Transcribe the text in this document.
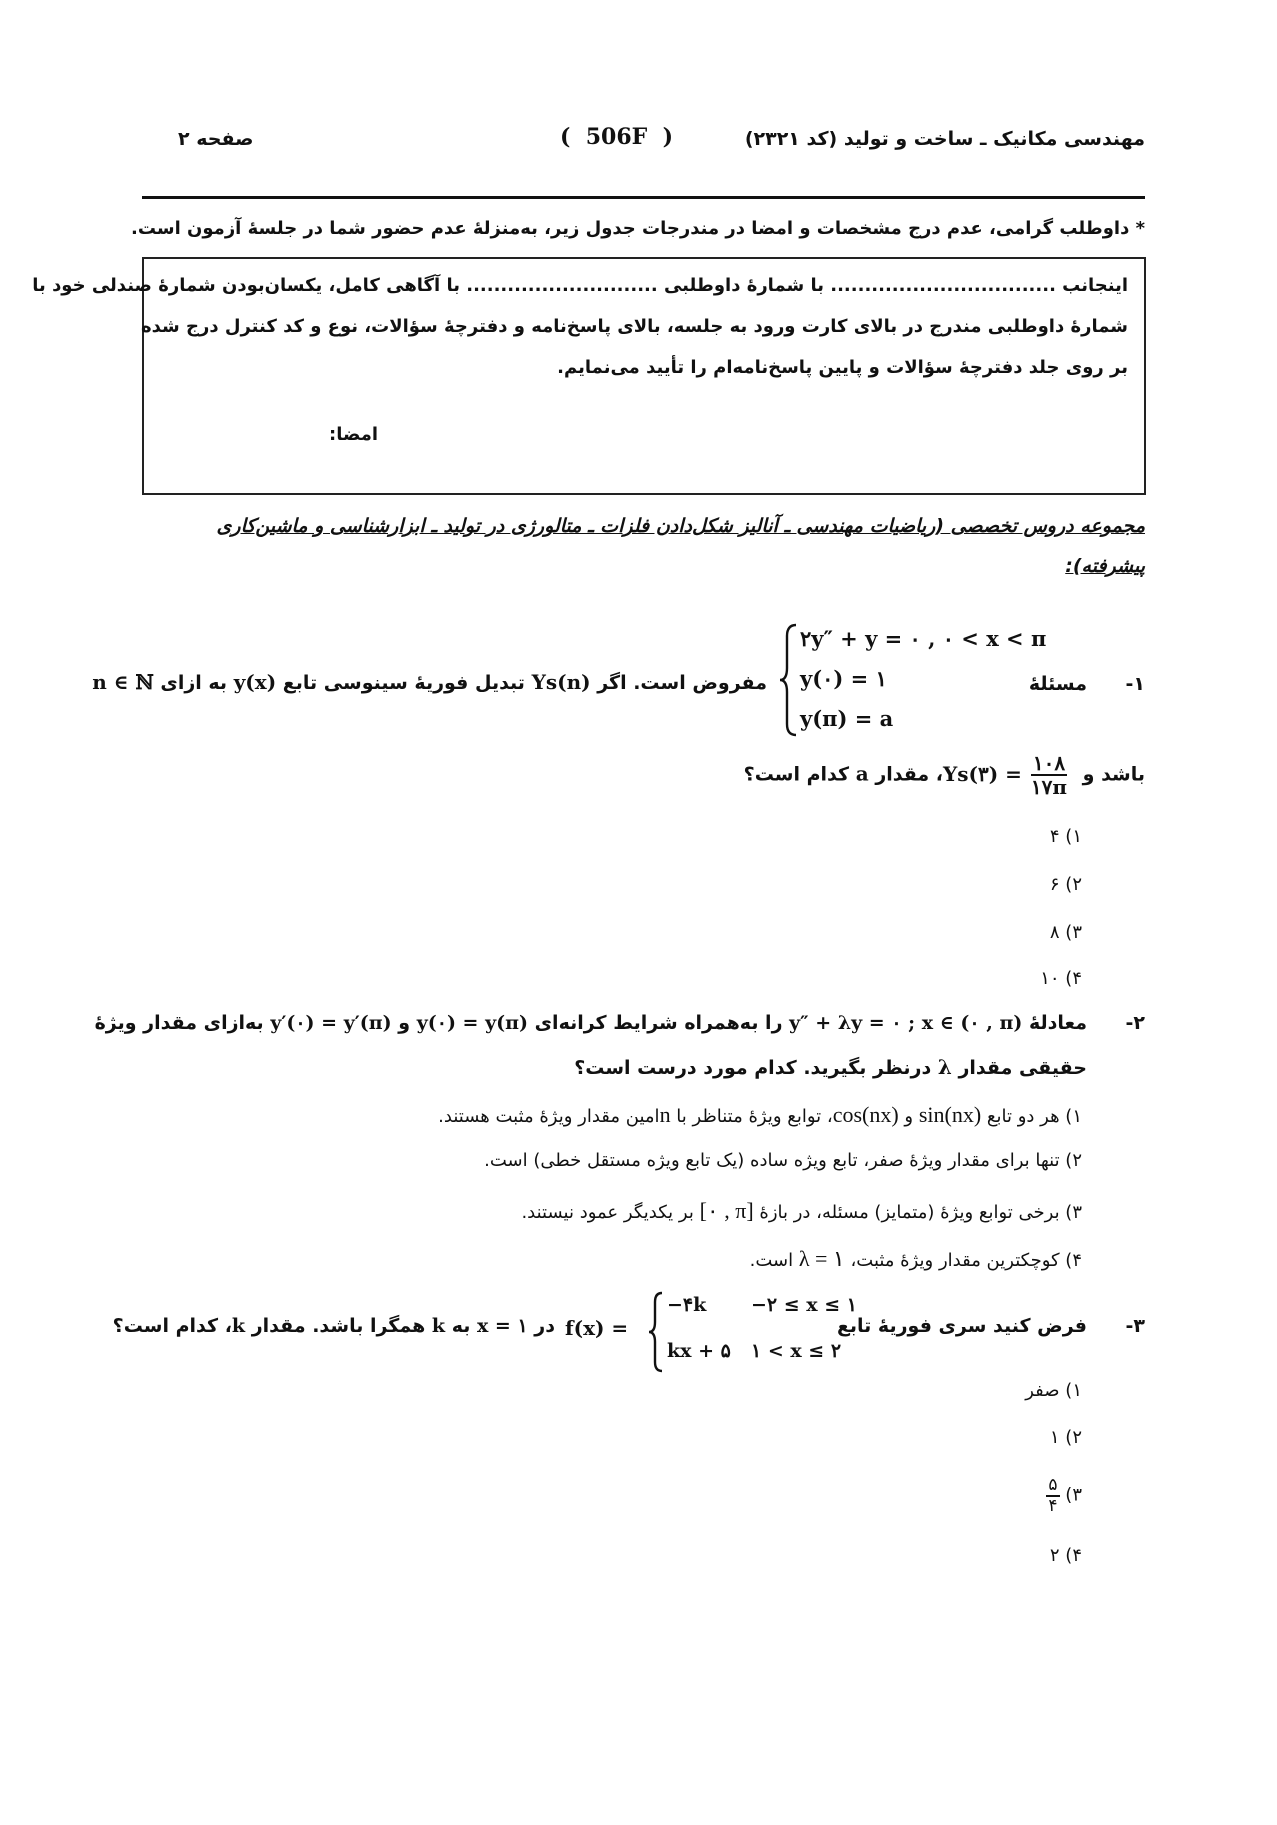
مهندسی مکانیک ـ ساخت و تولید (کد ۲۳۲۱)
(  506F  )
صفحه ۲
* داوطلب گرامی، عدم درج مشخصات و امضا در مندرجات جدول زیر، به‌منزلهٔ عدم حضور شما در جلسهٔ آزمون است.
اینجانب ................................. با شمارهٔ داوطلبی ............................ با آگاهی کامل، یکسان‌بودن شمارهٔ صندلی خود با
شمارهٔ داوطلبی مندرج در بالای کارت ورود به جلسه، بالای پاسخ‌نامه و دفترچهٔ سؤالات، نوع و کد کنترل درج شده
بر روی جلد دفترچهٔ سؤالات و پایین پاسخ‌نامه‌ام را تأیید می‌نمایم.
امضا:
مجموعه دروس تخصصی (ریاضیات مهندسی ـ آنالیز شکل‌دادن فلزات ـ متالورژی در تولید ـ ابزارشناسی و ماشین‌کاری
پیشرفته):
۱-
مسئلهٔ
۲y″ + y = ۰ , ۰ < x < π
y(۰) = ۱
y(π) = a
مفروض است. اگر Ys(n) تبدیل فوریهٔ سینوسی تابع y(x) به ازای n ∈ ℕ
باشد و Ys(۳) = $\frac{۱۰۸}{۱۷\pi}$
، مقدار a کدام است؟
۱) ۴
۲) ۶
۳) ۸
۴) ۱۰
۲-
معادلهٔ y″ + λy = ۰ ; x ∈ (۰ , π) را به‌همراه شرایط کرانه‌ای y(۰) = y(π) و y′(۰) = y′(π) به‌ازای مقدار ویژهٔ
حقیقی مقدار λ درنظر بگیرید. کدام مورد درست است؟
۱) هر دو تابع sin(nx) و cos(nx)، توابع ویژهٔ متناظر با nامین مقدار ویژهٔ مثبت هستند.
۲) تنها برای مقدار ویژهٔ صفر، تابع ویژه ساده (یک تابع ویژه مستقل خطی) است.
۳) برخی توابع ویژهٔ (متمایز) مسئله، در بازهٔ [۰ , π] بر یکدیگر عمود نیستند.
۴) کوچکترین مقدار ویژهٔ مثبت، λ = ۱ است.
۳-
فرض کنید سری فوریهٔ تابع
f(x) =
−۴k −۲ ≤ x ≤ ۱
kx + ۵ ۱ < x ≤ ۲
در x = ۱ به k همگرا باشد. مقدار k، کدام است؟
۱) صفر
۲) ۱
۳)
$\frac{۵}{۴}$
۴) ۲
